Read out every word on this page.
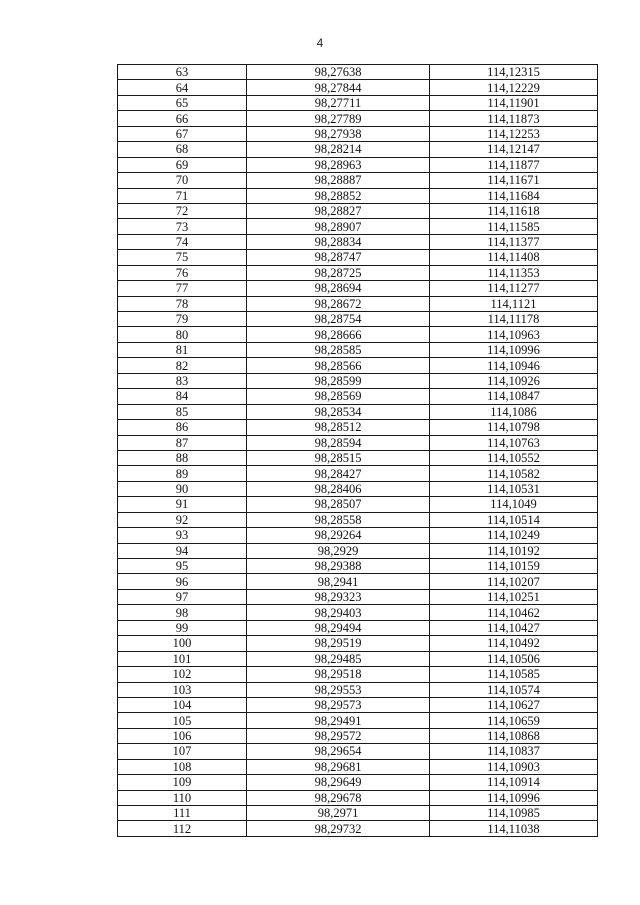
4
63	98,27638	114,12315
64	98,27844	114,12229
65	98,27711	114,11901
66	98,27789	114,11873
67	98,27938	114,12253
68	98,28214	114,12147
69	98,28963	114,11877
70	98,28887	114,11671
71	98,28852	114,11684
72	98,28827	114,11618
73	98,28907	114,11585
74	98,28834	114,11377
75	98,28747	114,11408
76	98,28725	114,11353
77	98,28694	114,11277
78	98,28672	114,1121
79	98,28754	114,11178
80	98,28666	114,10963
81	98,28585	114,10996
82	98,28566	114,10946
83	98,28599	114,10926
84	98,28569	114,10847
85	98,28534	114,1086
86	98,28512	114,10798
87	98,28594	114,10763
88	98,28515	114,10552
89	98,28427	114,10582
90	98,28406	114,10531
91	98,28507	114,1049
92	98,28558	114,10514
93	98,29264	114,10249
94	98,2929	114,10192
95	98,29388	114,10159
96	98,2941	114,10207
97	98,29323	114,10251
98	98,29403	114,10462
99	98,29494	114,10427
100	98,29519	114,10492
101	98,29485	114,10506
102	98,29518	114,10585
103	98,29553	114,10574
104	98,29573	114,10627
105	98,29491	114,10659
106	98,29572	114,10868
107	98,29654	114,10837
108	98,29681	114,10903
109	98,29649	114,10914
110	98,29678	114,10996
111	98,2971	114,10985
112	98,29732	114,11038
